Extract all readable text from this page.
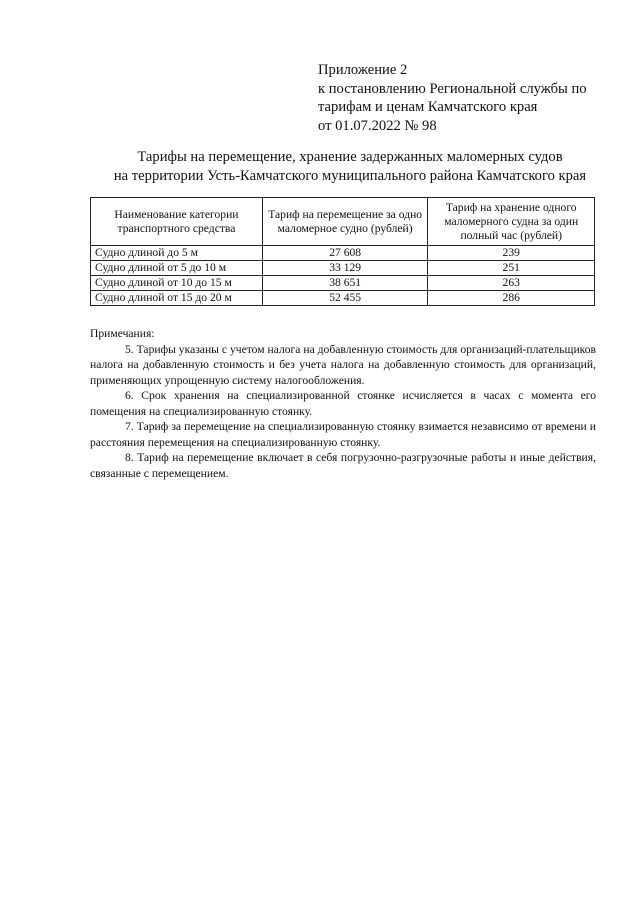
Приложение 2
к постановлению Региональной службы по
тарифам и ценам Камчатского края
от 01.07.2022 № 98
Тарифы на перемещение, хранение задержанных маломерных судов
на территории Усть-Камчатского муниципального района Камчатского края
Наименование категории транспортного средства	Тариф на перемещение за одно маломерное судно (рублей)	Тариф на хранение одного маломерного судна за один полный час (рублей)
Судно длиной до 5 м	27 608	239
Судно длиной от 5 до 10 м	33 129	251
Судно длиной от 10 до 15 м	38 651	263
Судно длиной от 15 до 20 м	52 455	286
Примечания:

5. Тарифы указаны с учетом налога на добавленную стоимость для организаций-плательщиков налога на добавленную стоимость и без учета налога на добавленную стоимость для организаций, применяющих упрощенную систему налогообложения.

6. Срок хранения на специализированной стоянке исчисляется в часах с момента его помещения на специализированную стоянку.

7. Тариф за перемещение на специализированную стоянку взимается независимо от времени и расстояния перемещения на специализированную стоянку.

8. Тариф на перемещение включает в себя погрузочно-разгрузочные работы и иные действия, связанные с перемещением.
